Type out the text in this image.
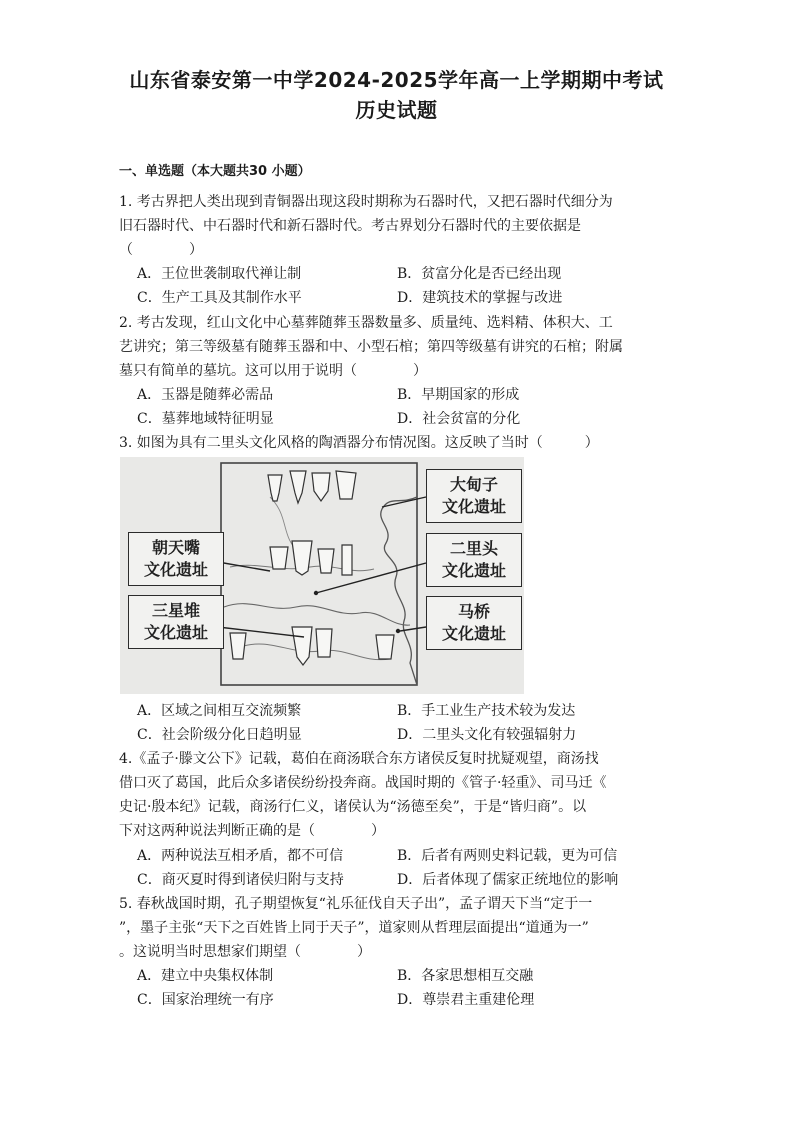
山东省泰安第一中学2024-2025学年高一上学期期中考试
历史试题
一、单选题（本大题共30 小题）
1. 考古界把人类出现到青铜器出现这段时期称为石器时代，又把石器时代细分为
旧石器时代、中石器时代和新石器时代。考古界划分石器时代的主要依据是
（　　　　）
A．王位世袭制取代禅让制	B．贫富分化是否已经出现
C．生产工具及其制作水平	D．建筑技术的掌握与改进
2. 考古发现，红山文化中心墓葬随葬玉器数量多、质量纯、选料精、体积大、工
艺讲究；第三等级墓有随葬玉器和中、小型石棺；第四等级墓有讲究的石棺；附属
墓只有简单的墓坑。这可以用于说明（　　　　）
A．玉器是随葬必需品	B．早期国家的形成
C．墓葬地域特征明显	D．社会贫富的分化
3. 如图为具有二里头文化风格的陶酒器分布情况图。这反映了当时（　　　）
大甸子
文化遗址
二里头
文化遗址
马桥
文化遗址
朝天嘴
文化遗址
三星堆
文化遗址
A．区域之间相互交流频繁	B．手工业生产技术较为发达
C．社会阶级分化日趋明显	D．二里头文化有较强辐射力
4.《孟子·滕文公下》记载，葛伯在商汤联合东方诸侯反复时扰疑观望，商汤找
借口灭了葛国，此后众多诸侯纷纷投奔商。战国时期的《管子·轻重》、司马迁《
史记·殷本纪》记载，商汤行仁义，诸侯认为“汤德至矣”，于是“皆归商”。以
下对这两种说法判断正确的是（　　　　）
A．两种说法互相矛盾，都不可信	B．后者有两则史料记载，更为可信
C．商灭夏时得到诸侯归附与支持	D．后者体现了儒家正统地位的影响
5. 春秋战国时期，孔子期望恢复“礼乐征伐自天子出”，孟子谓天下当“定于一
”，墨子主张“天下之百姓皆上同于天子”，道家则从哲理层面提出“道通为一”
。这说明当时思想家们期望（　　　　）
A．建立中央集权体制	B．各家思想相互交融
C．国家治理统一有序	D．尊崇君主重建伦理
